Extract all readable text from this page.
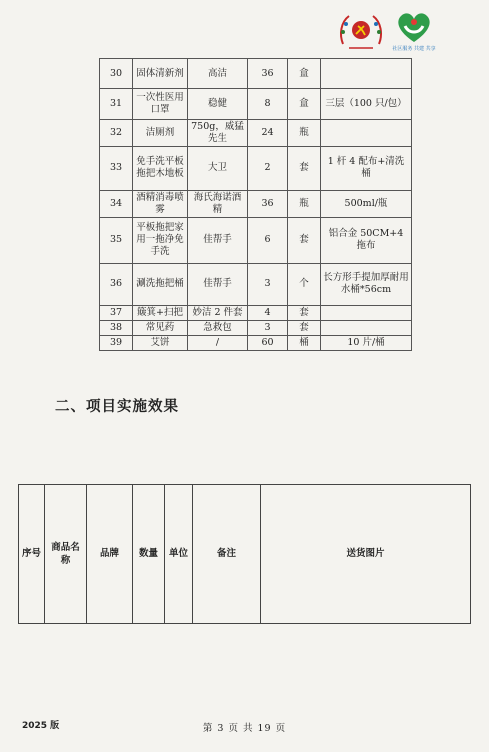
社区服务 共建 共享
30	固体清新剂	高洁	36	盒	
31	一次性医用口罩	稳健	8	盒	三层（100 只/包）
32	洁厕剂	750g，威猛先生	24	瓶	
33	免手洗平板拖把木地板	大卫	2	套	1 杆 4 配布+清洗桶
34	酒精消毒喷雾	海氏海诺酒精	36	瓶	500ml/瓶
35	平板拖把家用一拖净免手洗	佳帮手	6	套	铝合金 50CM+4 拖布
36	涮洗拖把桶	佳帮手	3	个	长方形手提加厚耐用水桶*56cm
37	簸箕+扫把	妙洁 2 件套	4	套	
38	常见药	急救包	3	套	
39	艾饼	/	60	桶	10 片/桶
二、项目实施效果
序号	商品名称	品牌	数量	单位	备注	送货图片
2025 版	第 3 页 共 19 页
